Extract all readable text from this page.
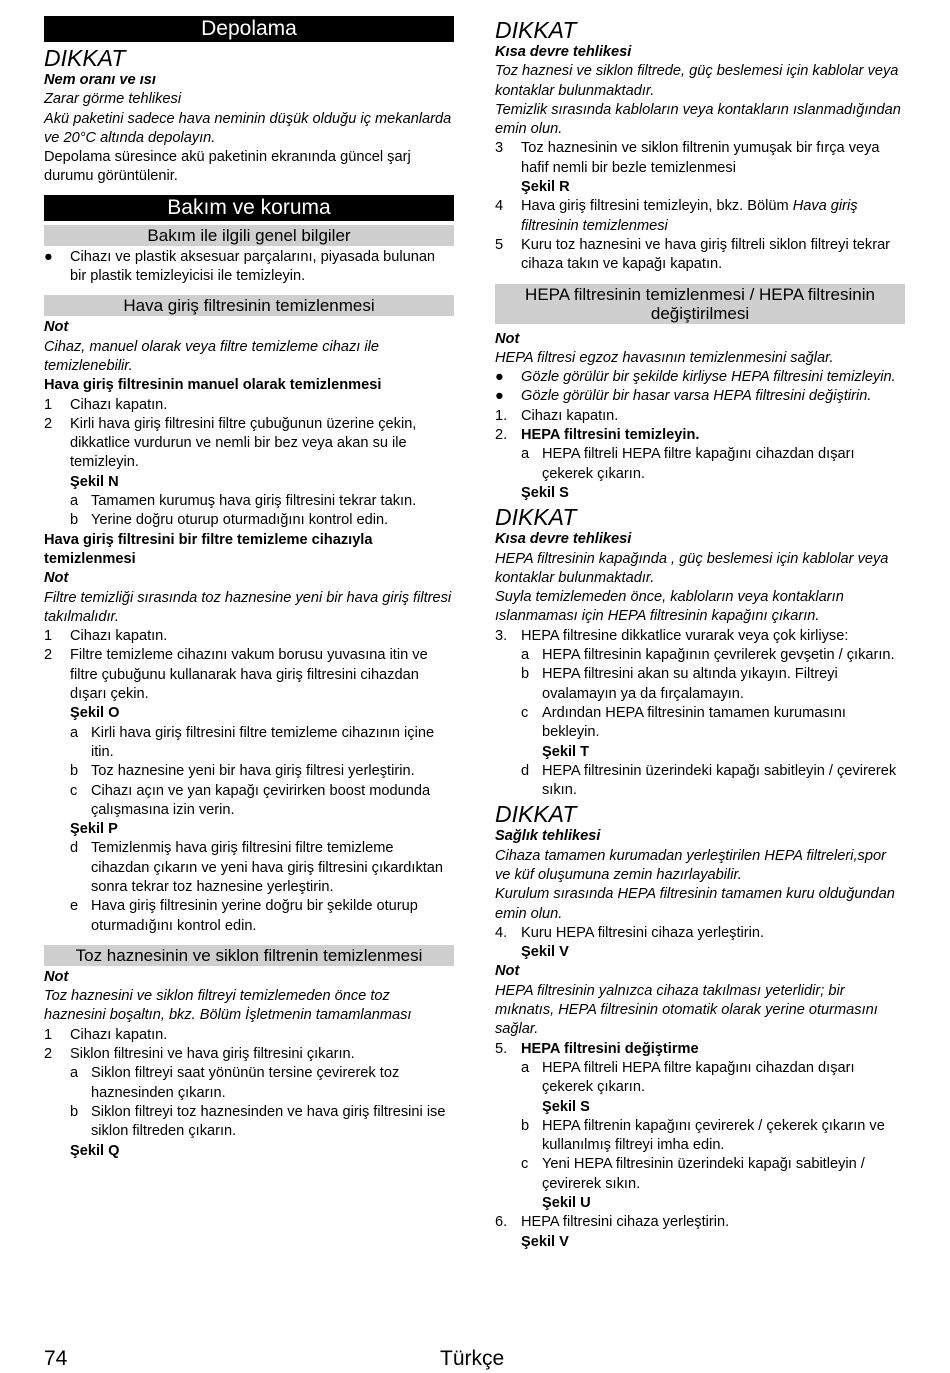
Depolama
DIKKAT

Nem oranı ve ısı

Zarar görme tehlikesi

Akü paketini sadece hava neminin düşük olduğu iç mekanlarda ve 20°C altında depolayın.

Depolama süresince akü paketinin ekranında güncel şarj durumu görüntülenir.

Bakım ve koruma
Bakım ile ilgili genel bilgiler
●	Cihazı ve plastik aksesuar parçalarını, piyasada bulunan bir plastik temizleyicisi ile temizleyin.
Hava giriş filtresinin temizlenmesi

Not

Cihaz, manuel olarak veya filtre temizleme cihazı ile temizlenebilir.

Hava giriş filtresinin manuel olarak temizlenmesi

1	Cihazı kapatın.
2	Kirli hava giriş filtresini filtre çubuğunun üzerine çekin, dikkatlice vurdurun ve nemli bir bez veya akan su ile temizleyin.

Şekil N

a Tamamen kurumuş hava giriş filtresini tekrar takın.
b Yerine doğru oturup oturmadığını kontrol edin.

Hava giriş filtresini bir filtre temizleme cihazıyla temizlenmesi

Not

Filtre temizliği sırasında toz haznesine yeni bir hava giriş filtresi takılmalıdır.

1	Cihazı kapatın.
2	Filtre temizleme cihazını vakum borusu yuvasına itin ve filtre çubuğunu kullanarak hava giriş filtresini cihazdan dışarı çekin.

Şekil O

a Kirli hava giriş filtresini filtre temizleme cihazının içine itin.
b Toz haznesine yeni bir hava giriş filtresi yerleştirin.
c Cihazı açın ve yan kapağı çevirirken boost modunda çalışmasına izin verin.

Şekil P

d Temizlenmiş hava giriş filtresini filtre temizleme cihazdan çıkarın ve yeni hava giriş filtresini çıkardıktan sonra tekrar toz haznesine yerleştirin.
e Hava giriş filtresinin yerine doğru bir şekilde oturup oturmadığını kontrol edin.
Toz haznesinin ve siklon filtrenin temizlenmesi

Not

Toz haznesini ve siklon filtreyi temizlemeden önce toz haznesini boşaltın, bkz. Bölüm İşletmenin tamamlanması

1	Cihazı kapatın.
2	Siklon filtresini ve hava giriş filtresini çıkarın.
a Siklon filtreyi saat yönünün tersine çevirerek toz haznesinden çıkarın.
b Siklon filtreyi toz haznesinden ve hava giriş filtresini ise siklon filtreden çıkarın.

Şekil Q

DIKKAT

Kısa devre tehlikesi

Toz haznesi ve siklon filtrede, güç beslemesi için kablolar veya kontaklar bulunmaktadır.

Temizlik sırasında kabloların veya kontakların ıslanmadığından emin olun.

3	Toz haznesinin ve siklon filtrenin yumuşak bir fırça veya hafif nemli bir bezle temizlenmesi

Şekil R

4	Hava giriş filtresini temizleyin, bkz. Bölüm Hava giriş filtresinin temizlenmesi
5	Kuru toz haznesini ve hava giriş filtreli siklon filtreyi tekrar cihaza takın ve kapağı kapatın.
HEPA filtresinin temizlenmesi / HEPA filtresinin değiştirilmesi

Not

HEPA filtresi egzoz havasının temizlenmesini sağlar.

●	Gözle görülür bir şekilde kirliyse HEPA filtresini temizleyin.
●	Gözle görülür bir hasar varsa HEPA filtresini değiştirin.
1. Cihazı kapatın.
2. HEPA filtresini temizleyin.
a HEPA filtreli HEPA filtre kapağını cihazdan dışarı çekerek çıkarın.

Şekil S

DIKKAT

Kısa devre tehlikesi

HEPA filtresinin kapağında , güç beslemesi için kablolar veya kontaklar bulunmaktadır.

Suyla temizlemeden önce, kabloların veya kontakların ıslanmaması için HEPA filtresinin kapağını çıkarın.

3. HEPA filtresine dikkatlice vurarak veya çok kirliyse:
a HEPA filtresinin kapağının çevrilerek gevşetin / çıkarın.
b HEPA filtresini akan su altında yıkayın. Filtreyi ovalamayın ya da fırçalamayın.
c Ardından HEPA filtresinin tamamen kurumasını bekleyin.

Şekil T

d HEPA filtresinin üzerindeki kapağı sabitleyin / çevirerek sıkın.
DIKKAT

Sağlık tehlikesi

Cihaza tamamen kurumadan yerleştirilen HEPA filtreleri,spor ve küf oluşumuna zemin hazırlayabilir.

Kurulum sırasında HEPA filtresinin tamamen kuru olduğundan emin olun.

4. Kuru HEPA filtresini cihaza yerleştirin.

Şekil V

Not

HEPA filtresinin yalnızca cihaza takılması yeterlidir; bir mıknatıs, HEPA filtresinin otomatik olarak yerine oturmasını sağlar.

5. HEPA filtresini değiştirme
a HEPA filtreli HEPA filtre kapağını cihazdan dışarı çekerek çıkarın.

Şekil S

b HEPA filtrenin kapağını çevirerek / çekerek çıkarın ve kullanılmış filtreyi imha edin.
c Yeni HEPA filtresinin üzerindeki kapağı sabitleyin / çevirerek sıkın.

Şekil U

6. HEPA filtresini cihaza yerleştirin.

Şekil V

74	Türkçe
